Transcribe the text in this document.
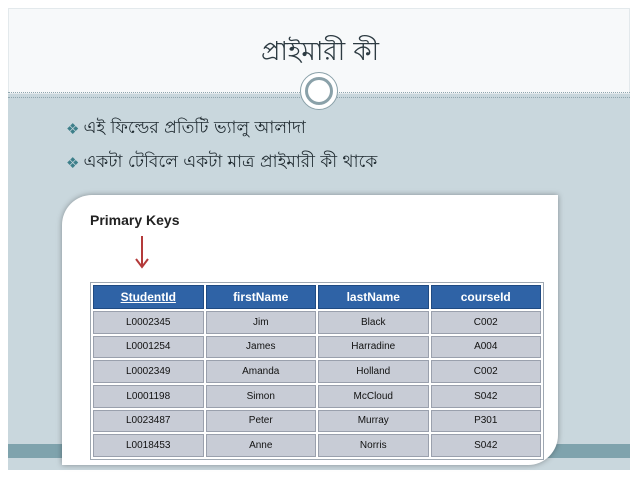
প্রাইমারী কী
❖ এই ফিল্ডের প্রতিটি ভ্যালু আলাদা
❖ একটা টেবিলে একটা মাত্র প্রাইমারী কী থাকে
Primary Keys
StudentId	firstName	lastName	courseId
L0002345	Jim	Black	C002
L0001254	James	Harradine	A004
L0002349	Amanda	Holland	C002
L0001198	Simon	McCloud	S042
L0023487	Peter	Murray	P301
L0018453	Anne	Norris	S042
